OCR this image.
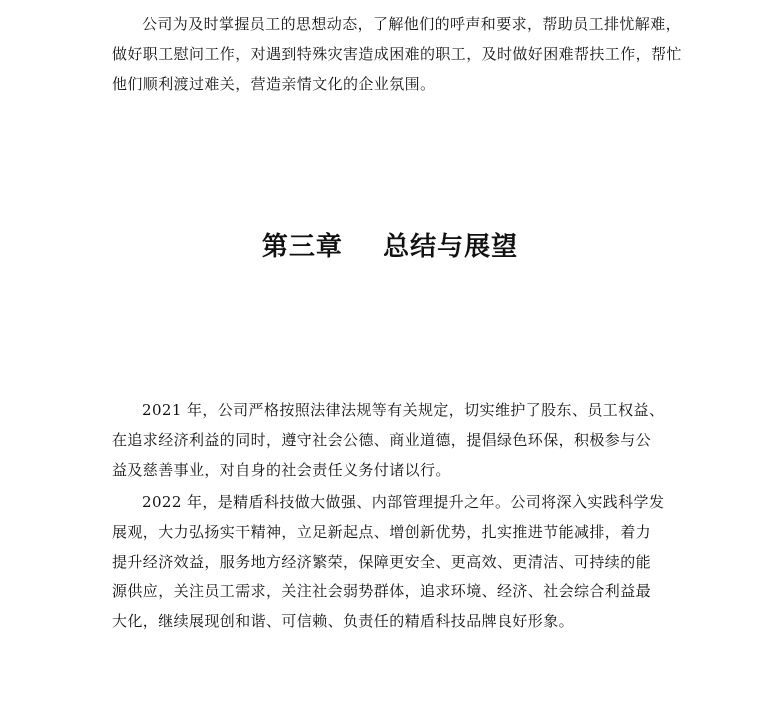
公司为及时掌握员工的思想动态，了解他们的呼声和要求，帮助员工排忧解难，
做好职工慰问工作，对遇到特殊灾害造成困难的职工，及时做好困难帮扶工作，帮忙
他们顺利渡过难关，营造亲情文化的企业氛围。
第三章    总结与展望
2021 年，公司严格按照法律法规等有关规定，切实维护了股东、员工权益、
在追求经济利益的同时，遵守社会公德、商业道德，提倡绿色环保，积极参与公
益及慈善事业，对自身的社会责任义务付诸以行。
2022 年，是精盾科技做大做强、内部管理提升之年。公司将深入实践科学发
展观，大力弘扬实干精神，立足新起点、增创新优势，扎实推进节能减排，着力
提升经济效益，服务地方经济繁荣，保障更安全、更高效、更清洁、可持续的能
源供应，关注员工需求，关注社会弱势群体，追求环境、经济、社会综合利益最
大化，继续展现创和谐、可信赖、负责任的精盾科技品牌良好形象。
